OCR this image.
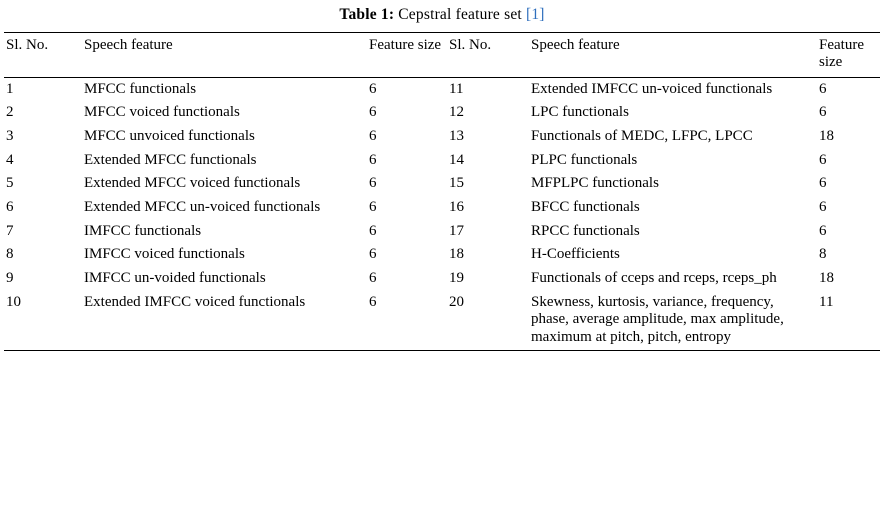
Table 1: Cepstral feature set [1]
Sl. No.	Speech feature	Feature size	Sl. No.	Speech feature	Feature size
1	MFCC functionals	6	11	Extended IMFCC un-voiced functionals	6
2	MFCC voiced functionals	6	12	LPC functionals	6
3	MFCC unvoiced functionals	6	13	Functionals of MEDC, LFPC, LPCC	18
4	Extended MFCC functionals	6	14	PLPC functionals	6
5	Extended MFCC voiced functionals	6	15	MFPLPC functionals	6
6	Extended MFCC un-voiced functionals	6	16	BFCC functionals	6
7	IMFCC functionals	6	17	RPCC functionals	6
8	IMFCC voiced functionals	6	18	H-Coefficients	8
9	IMFCC un-voided functionals	6	19	Functionals of cceps and rceps, rceps_ph	18
10	Extended IMFCC voiced functionals	6	20	Skewness, kurtosis, variance, frequency, phase, average amplitude, max amplitude, maximum at pitch, pitch, entropy	11
